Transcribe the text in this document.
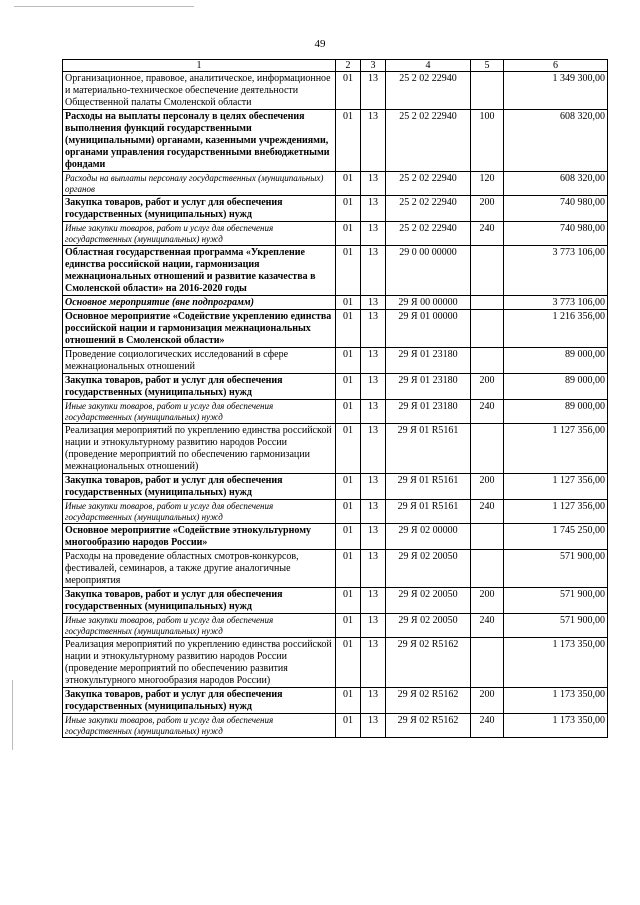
49
1	2	3	4	5	6
Организационное, правовое, аналитическое, информационное и материально-техническое обеспечение деятельности Общественной палаты Смоленской области	01	13	25 2 02 22940		1 349 300,00
Расходы на выплаты персоналу в целях обеспечения выполнения функций государственными (муниципальными) органами, казенными учреждениями, органами управления государственными внебюджетными фондами	01	13	25 2 02 22940	100	608 320,00
Расходы на выплаты персоналу государственных (муниципальных) органов	01	13	25 2 02 22940	120	608 320,00
Закупка товаров, работ и услуг для обеспечения государственных (муниципальных) нужд	01	13	25 2 02 22940	200	740 980,00
Иные закупки товаров, работ и услуг для обеспечения государственных (муниципальных) нужд	01	13	25 2 02 22940	240	740 980,00
Областная государственная программа «Укрепление единства российской нации, гармонизация межнациональных отношений и развитие казачества в Смоленской области» на 2016-2020 годы	01	13	29 0 00 00000		3 773 106,00
Основное мероприятие (вне подпрограмм)	01	13	29 Я 00 00000		3 773 106,00
Основное мероприятие «Содействие укреплению единства российской нации и гармонизация межнациональных отношений в Смоленской области»	01	13	29 Я 01 00000		1 216 356,00
Проведение социологических исследований в сфере межнациональных отношений	01	13	29 Я 01 23180		89 000,00
Закупка товаров, работ и услуг для обеспечения государственных (муниципальных) нужд	01	13	29 Я 01 23180	200	89 000,00
Иные закупки товаров, работ и услуг для обеспечения государственных (муниципальных) нужд	01	13	29 Я 01 23180	240	89 000,00
Реализация мероприятий по укреплению единства российской нации и этнокультурному развитию народов России (проведение мероприятий по обеспечению гармонизации межнациональных отношений)	01	13	29 Я 01 R5161		1 127 356,00
Закупка товаров, работ и услуг для обеспечения государственных (муниципальных) нужд	01	13	29 Я 01 R5161	200	1 127 356,00
Иные закупки товаров, работ и услуг для обеспечения государственных (муниципальных) нужд	01	13	29 Я 01 R5161	240	1 127 356,00
Основное мероприятие «Содействие этнокультурному многообразию народов России»	01	13	29 Я 02 00000		1 745 250,00
Расходы на проведение областных смотров-конкурсов, фестивалей, семинаров, а также другие аналогичные мероприятия	01	13	29 Я 02 20050		571 900,00
Закупка товаров, работ и услуг для обеспечения государственных (муниципальных) нужд	01	13	29 Я 02 20050	200	571 900,00
Иные закупки товаров, работ и услуг для обеспечения государственных (муниципальных) нужд	01	13	29 Я 02 20050	240	571 900,00
Реализация мероприятий по укреплению единства российской нации и этнокультурному развитию народов России (проведение мероприятий по обеспечению развития этнокультурного многообразия народов России)	01	13	29 Я 02 R5162		1 173 350,00
Закупка товаров, работ и услуг для обеспечения государственных (муниципальных) нужд	01	13	29 Я 02 R5162	200	1 173 350,00
Иные закупки товаров, работ и услуг для обеспечения государственных (муниципальных) нужд	01	13	29 Я 02 R5162	240	1 173 350,00
